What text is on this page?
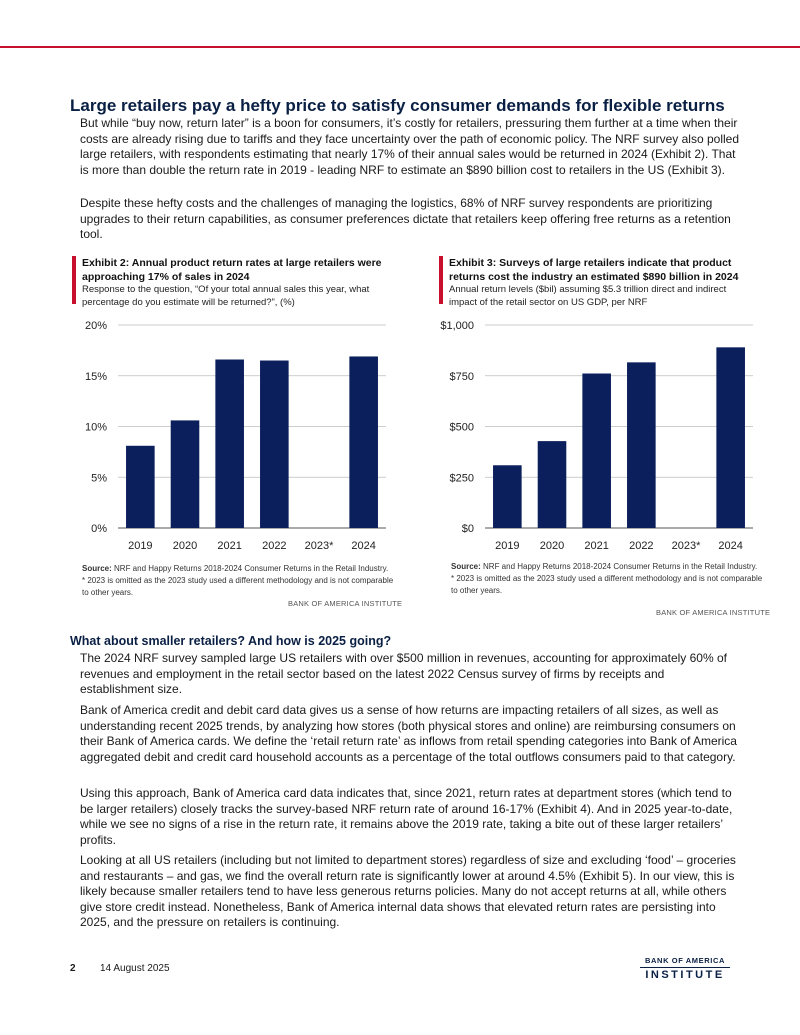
Large retailers pay a hefty price to satisfy consumer demands for flexible returns

But while “buy now, return later” is a boon for consumers, it’s costly for retailers, pressuring them further at a time when their costs are already rising due to tariffs and they face uncertainty over the path of economic policy. The NRF survey also polled large retailers, with respondents estimating that nearly 17% of their annual sales would be returned in 2024 (Exhibit 2). That is more than double the return rate in 2019 - leading NRF to estimate an $890 billion cost to retailers in the US (Exhibit 3).

Despite these hefty costs and the challenges of managing the logistics, 68% of NRF survey respondents are prioritizing upgrades to their return capabilities, as consumer preferences dictate that retailers keep offering free returns as a retention tool.

Exhibit 2: Annual product return rates at large retailers were approaching 17% of sales in 2024
Response to the question, “Of your total annual sales this year, what percentage do you estimate will be returned?”, (%)
0%
5%
10%
15%
20%
2019 2020 2021 2022 2023* 2024
Source: NRF and Happy Returns 2018-2024 Consumer Returns in the Retail Industry.
* 2023 is omitted as the 2023 study used a different methodology and is not comparable to other years.
BANK OF AMERICA INSTITUTE
Exhibit 3: Surveys of large retailers indicate that product returns cost the industry an estimated $890 billion in 2024
Annual return levels ($bil) assuming $5.3 trillion direct and indirect impact of the retail sector on US GDP, per NRF
$0
$250
$500
$750
$1,000
2019 2020 2021 2022 2023* 2024
Source: NRF and Happy Returns 2018-2024 Consumer Returns in the Retail Industry.
* 2023 is omitted as the 2023 study used a different methodology and is not comparable to other years.
BANK OF AMERICA INSTITUTE
What about smaller retailers? And how is 2025 going?

The 2024 NRF survey sampled large US retailers with over $500 million in revenues, accounting for approximately 60% of revenues and employment in the retail sector based on the latest 2022 Census survey of firms by receipts and establishment size.

Bank of America credit and debit card data gives us a sense of how returns are impacting retailers of all sizes, as well as understanding recent 2025 trends, by analyzing how stores (both physical stores and online) are reimbursing consumers on their Bank of America cards. We define the ‘retail return rate’ as inflows from retail spending categories into Bank of America aggregated debit and credit card household accounts as a percentage of the total outflows consumers paid to that category.

Using this approach, Bank of America card data indicates that, since 2021, return rates at department stores (which tend to be larger retailers) closely tracks the survey-based NRF return rate of around 16-17% (Exhibit 4). And in 2025 year-to-date, while we see no signs of a rise in the return rate, it remains above the 2019 rate, taking a bite out of these larger retailers’ profits.

Looking at all US retailers (including but not limited to department stores) regardless of size and excluding ‘food’ – groceries and restaurants – and gas, we find the overall return rate is significantly lower at around 4.5% (Exhibit 5). In our view, this is likely because smaller retailers tend to have less generous returns policies. Many do not accept returns at all, while others give store credit instead. Nonetheless, Bank of America internal data shows that elevated return rates are persisting into 2025, and the pressure on retailers is continuing.

2 14 August 2025
BANK OF AMERICA
INSTITUTE
